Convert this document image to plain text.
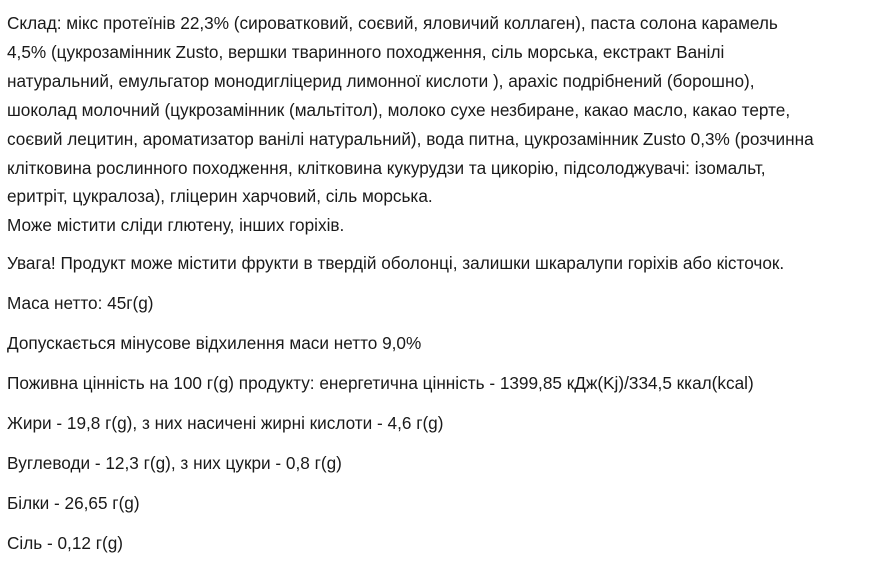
Склад: мікс протеїнів 22,3% (сироватковий, соєвий, яловичий коллаген), паста солона карамель
4,5% (цукрозамінник Zusto, вершки тваринного походження, сіль морська, екстракт Ванілі
натуральний, емульгатор монодигліцерид лимонної кислоти ), арахіс подрібнений (борошно),
шоколад молочний (цукрозамінник (мальтітол), молоко сухе незбиране, какао масло, какао терте,
соєвий лецитин, ароматизатор ванілі натуральний), вода питна, цукрозамінник Zusto 0,3% (розчинна
клітковина рослинного походження, клітковина кукурудзи та цикорію, підсолоджувачі: ізомальт,
еритріт, цукралоза), гліцерин харчовий, сіль морська.
Може містити сліди глютену, інших горіхів.

Увага! Продукт може містити фрукти в твердій оболонці, залишки шкаралупи горіхів або кісточок.

Маса нетто: 45г(g)

Допускається мінусове відхилення маси нетто 9,0%

Поживна цінність на 100 г(g) продукту: енергетична цінність - 1399,85 кДж(Kj)/334,5 ккал(kcal)

Жири - 19,8 г(g), з них насичені жирні кислоти - 4,6 г(g)

Вуглеводи - 12,3 г(g), з них цукри - 0,8 г(g)

Білки - 26,65 г(g)

Сіль - 0,12 г(g)
